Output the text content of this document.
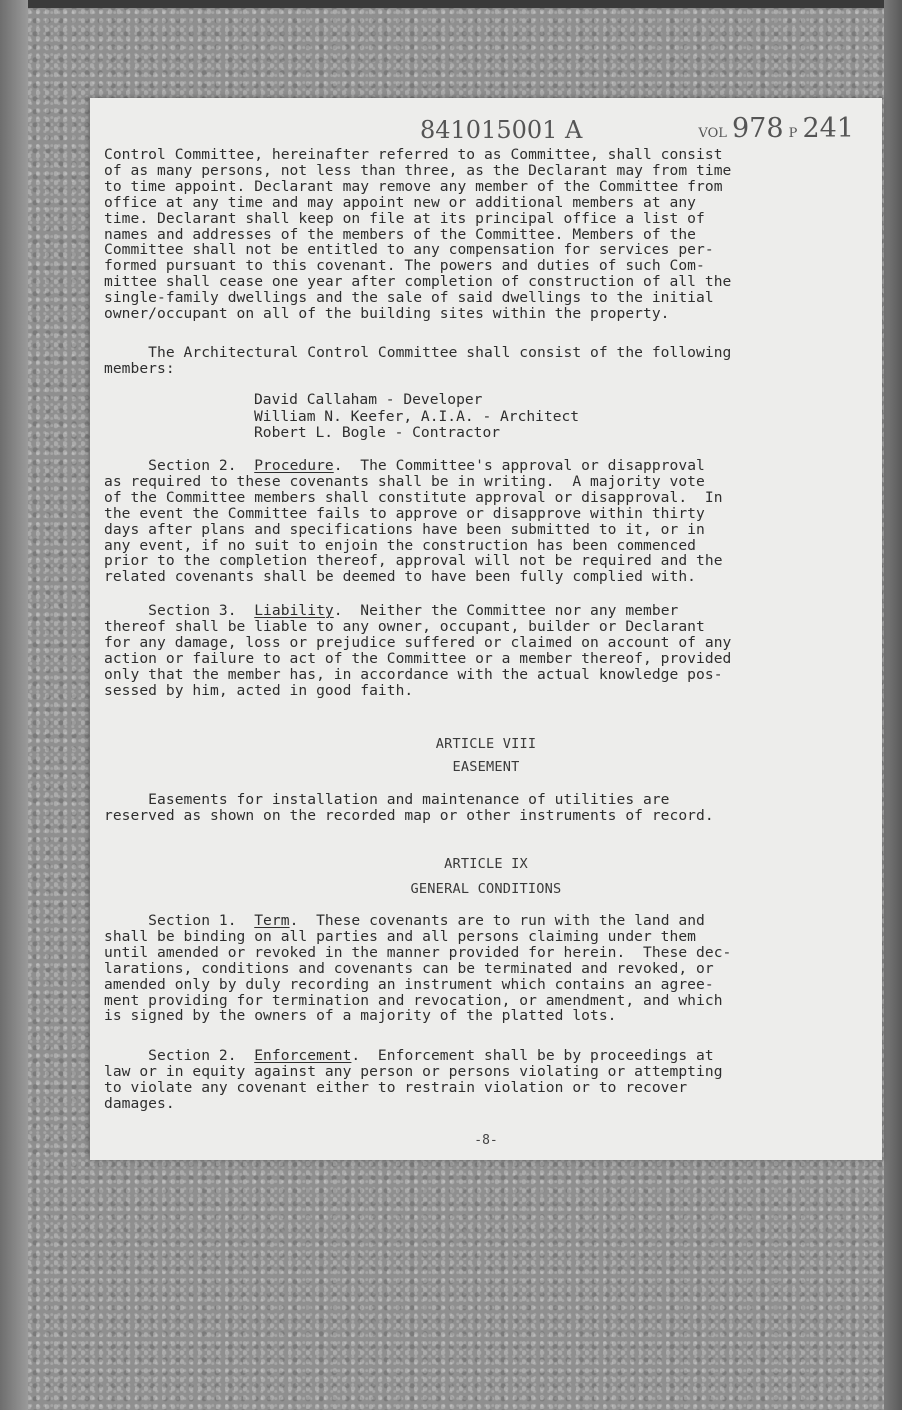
841015001 A	VOL 978 P 241
Control Committee, hereinafter referred to as Committee, shall consist
of as many persons, not less than three, as the Declarant may from time
to time appoint. Declarant may remove any member of the Committee from
office at any time and may appoint new or additional members at any
time. Declarant shall keep on file at its principal office a list of
names and addresses of the members of the Committee. Members of the
Committee shall not be entitled to any compensation for services per-
formed pursuant to this covenant. The powers and duties of such Com-
mittee shall cease one year after completion of construction of all the
single-family dwellings and the sale of said dwellings to the initial
owner/occupant on all of the building sites within the property.
The Architectural Control Committee shall consist of the following
members:
David Callaham - Developer
William N. Keefer, A.I.A. - Architect
Robert L. Bogle - Contractor
Section 2.  Procedure.  The Committee's approval or disapproval
as required to these covenants shall be in writing.  A majority vote
of the Committee members shall constitute approval or disapproval.  In
the event the Committee fails to approve or disapprove within thirty
days after plans and specifications have been submitted to it, or in
any event, if no suit to enjoin the construction has been commenced
prior to the completion thereof, approval will not be required and the
related covenants shall be deemed to have been fully complied with.
Section 3.  Liability.  Neither the Committee nor any member
thereof shall be liable to any owner, occupant, builder or Declarant
for any damage, loss or prejudice suffered or claimed on account of any
action or failure to act of the Committee or a member thereof, provided
only that the member has, in accordance with the actual knowledge pos-
sessed by him, acted in good faith.
ARTICLE VIII
EASEMENT
Easements for installation and maintenance of utilities are
reserved as shown on the recorded map or other instruments of record.
ARTICLE IX
GENERAL CONDITIONS
Section 1.  Term.  These covenants are to run with the land and
shall be binding on all parties and all persons claiming under them
until amended or revoked in the manner provided for herein.  These dec-
larations, conditions and covenants can be terminated and revoked, or
amended only by duly recording an instrument which contains an agree-
ment providing for termination and revocation, or amendment, and which
is signed by the owners of a majority of the platted lots.
Section 2.  Enforcement.  Enforcement shall be by proceedings at
law or in equity against any person or persons violating or attempting
to violate any covenant either to restrain violation or to recover
damages.
-8-
